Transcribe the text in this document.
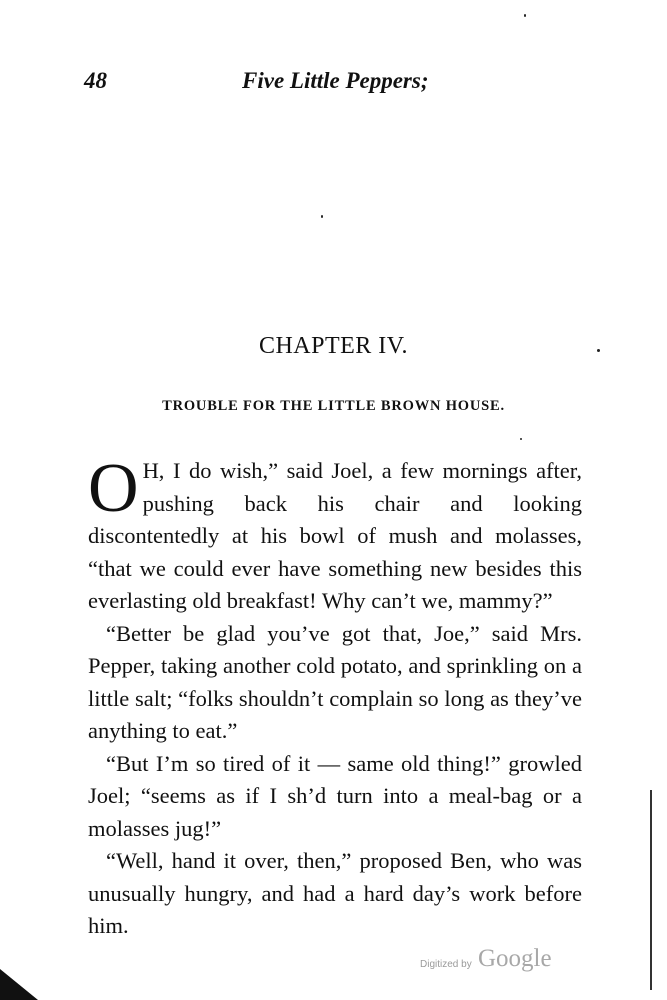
48	Five Little Peppers;
CHAPTER IV.
TROUBLE FOR THE LITTLE BROWN HOUSE.

O H, I do wish,” said Joel, a few mornings after, pushing back his chair and looking discontentedly at his bowl of mush and molasses, “that we could ever have something new besides this everlasting old breakfast! Why can’t we, mammy?”

“Better be glad you’ve got that, Joe,” said Mrs. Pepper, taking another cold potato, and sprinkling on a little salt; “folks shouldn’t complain so long as they’ve anything to eat.”

“But I’m so tired of it — same old thing!” growled Joel; “seems as if I sh’d turn into a meal-bag or a molasses jug!”

“Well, hand it over, then,” proposed Ben, who was unusually hungry, and had a hard day’s work before him.

Digitized by Google
